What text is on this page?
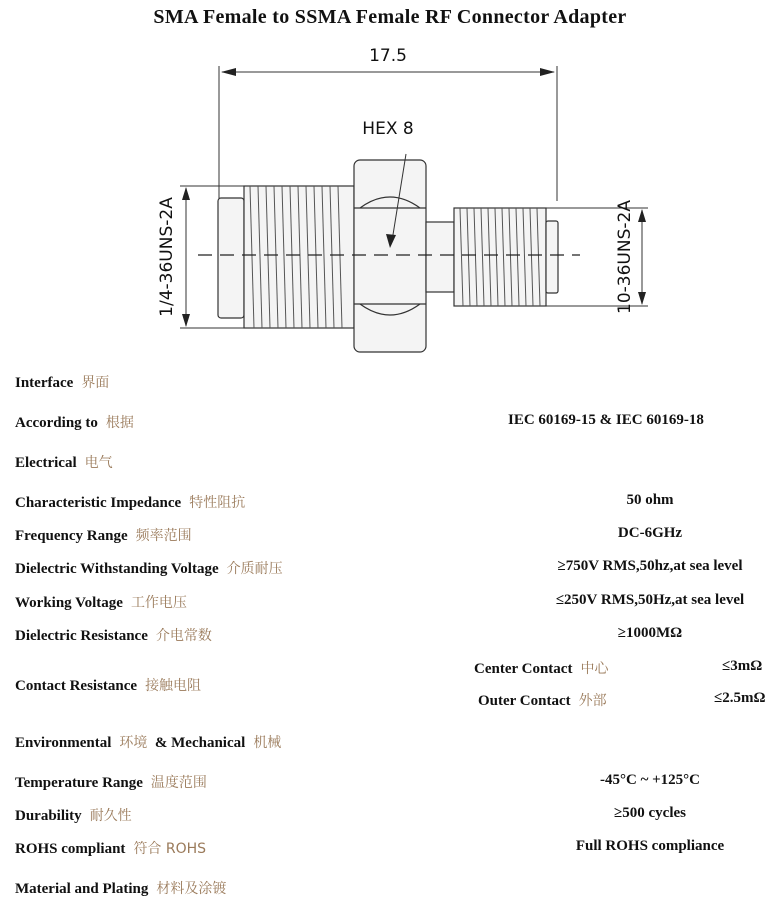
SMA Female to SSMA Female RF Connector Adapter
17.5
HEX 8
1/4-36UNS-2A	10-36UNS-2A
Interface 界面
According to 根据	IEC 60169-15 & IEC 60169-18
Electrical 电气
Characteristic Impedance 特性阻抗	50 ohm
Frequency Range 频率范围	DC-6GHz
Dielectric Withstanding Voltage 介质耐压	≥750V RMS,50hz,at sea level
Working Voltage 工作电压	≤250V RMS,50Hz,at sea level
Dielectric Resistance 介电常数	≥1000MΩ
Contact Resistance 接触电阻
Center Contact 中心	≤3mΩ
Outer Contact 外部	≤2.5mΩ
Environmental 环境 & Mechanical 机械
Temperature Range 温度范围	-45°C ~ +125°C
Durability 耐久性	≥500 cycles
ROHS compliant 符合 ROHS	Full ROHS compliance
Material and Plating 材料及涂镀
